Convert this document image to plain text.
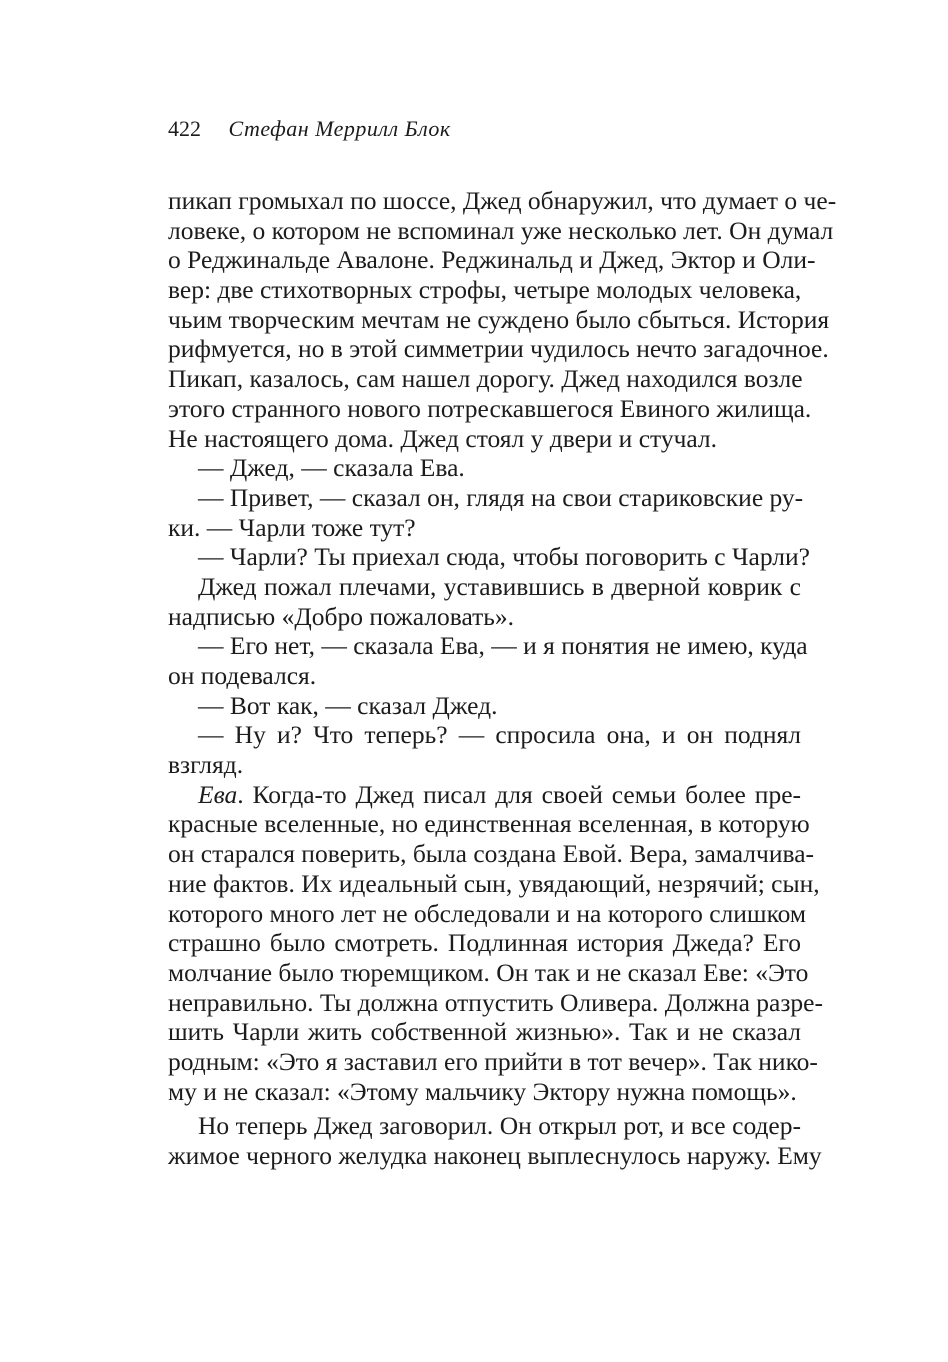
422 Стефан Меррилл Блок
пикап громыхал по шоссе, Джед обнаружил, что думает о че-
ловеке, о котором не вспоминал уже несколько лет. Он думал
о Реджинальде Авалоне. Реджинальд и Джед, Эктор и Оли-
вер: две стихотворных строфы, четыре молодых человека,
чьим творческим мечтам не суждено было сбыться. История
рифмуется, но в этой симметрии чудилось нечто загадочное.
Пикап, казалось, сам нашел дорогу. Джед находился возле
этого странного нового потрескавшегося Евиного жилища.
Не настоящего дома. Джед стоял у двери и стучал.
— Джед, — сказала Ева.
— Привет, — сказал он, глядя на свои стариковские ру-
ки. — Чарли тоже тут?
— Чарли? Ты приехал сюда, чтобы поговорить с Чарли?
Джед пожал плечами, уставившись в дверной коврик с
надписью «Добро пожаловать».
— Его нет, — сказала Ева, — и я понятия не имею, куда
он подевался.
— Вот как, — сказал Джед.
— Ну и? Что теперь? — спросила она, и он поднял
взгляд.
Ева. Когда-то Джед писал для своей семьи более пре-
красные вселенные, но единственная вселенная, в которую
он старался поверить, была создана Евой. Вера, замалчива-
ние фактов. Их идеальный сын, увядающий, незрячий; сын,
которого много лет не обследовали и на которого слишком
страшно было смотреть. Подлинная история Джеда? Его
молчание было тюремщиком. Он так и не сказал Еве: «Это
неправильно. Ты должна отпустить Оливера. Должна разре-
шить Чарли жить собственной жизнью». Так и не сказал
родным: «Это я заставил его прийти в тот вечер». Так нико-
му и не сказал: «Этому мальчику Эктору нужна помощь».
Но теперь Джед заговорил. Он открыл рот, и все содер-
жимое черного желудка наконец выплеснулось наружу. Ему
